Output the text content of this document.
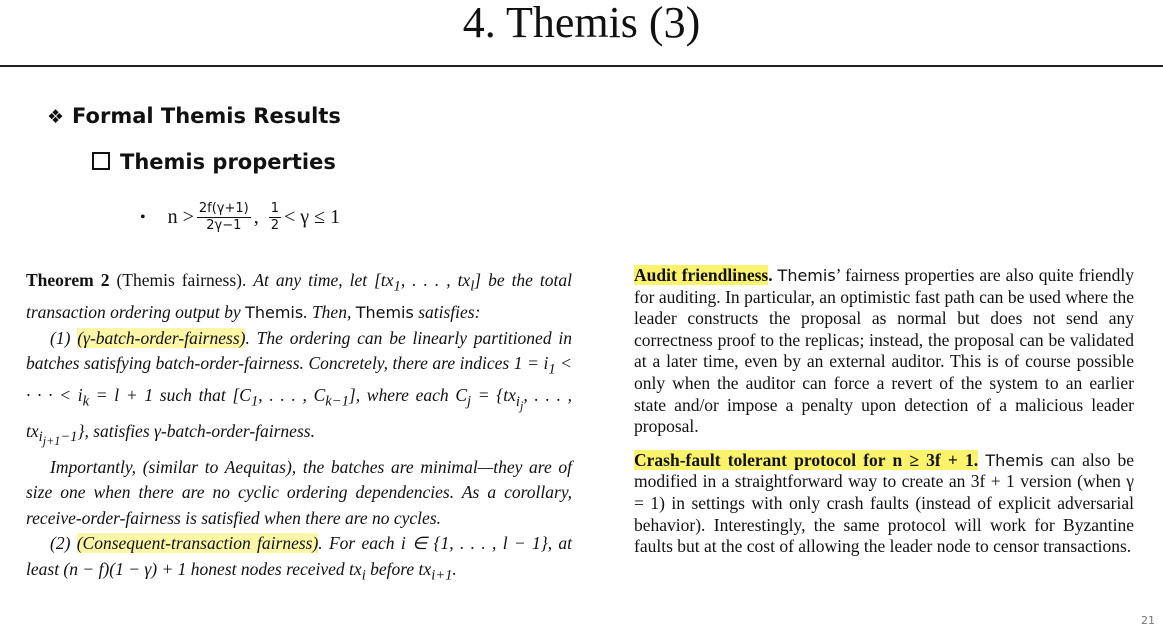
4. Themis (3)
❖ Formal Themis Results
Themis properties
• $n > \frac{2f(\gamma+1)}{2\gamma-1}$ , $\frac{1}{2} < \gamma \le 1$

Theorem 2 (Themis fairness). At any time, let [$tx_1$, . . . , $tx_l$] be the total transaction ordering output by Themis. Then, Themis satisfies:

(1) (γ-batch-order-fairness). The ordering can be linearly partitioned in batches satisfying batch-order-fairness. Concretely, there are indices $1 = i_1$ < · · · < $i_k = l + 1$ such that [$C_1$, . . . , $C_{k-1}$], where each $C_j = \{tx_{i_j}$, . . . , $tx_{i_{j+1}-1}$}, satisfies γ-batch-order-fairness.

Importantly, (similar to Aequitas), the batches are minimal—they are of size one when there are no cyclic ordering dependencies. As a corollary, receive-order-fairness is satisfied when there are no cycles.

(2) (Consequent-transaction fairness). For each i ∈ {1, . . . , l − 1}, at least (n − f)(1 − γ) + 1 honest nodes received $tx_i$ before $tx_{i+1}$.

Audit friendliness. Themis’ fairness properties are also quite friendly for auditing. In particular, an optimistic fast path can be used where the leader constructs the proposal as normal but does not send any correctness proof to the replicas; instead, the proposal can be validated at a later time, even by an external auditor. This is of course possible only when the auditor can force a revert of the system to an earlier state and/or impose a penalty upon detection of a malicious leader proposal.

Crash-fault tolerant protocol for n ≥ 3f + 1. Themis can also be modified in a straightforward way to create an 3f + 1 version (when γ = 1) in settings with only crash faults (instead of explicit adversarial behavior). Interestingly, the same protocol will work for Byzantine faults but at the cost of allowing the leader node to censor transactions.

21
